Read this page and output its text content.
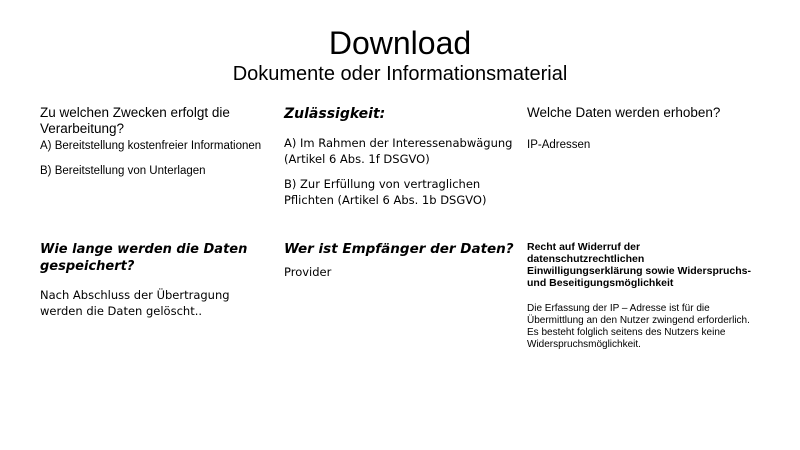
Download
Dokumente oder Informationsmaterial

Zu welchen Zwecken erfolgt die Verarbeitung?

A) Bereitstellung kostenfreier Informationen

B) Bereitstellung von Unterlagen

Zulässigkeit:

A) Im Rahmen der Interessenabwägung (Artikel 6 Abs. 1f DSGVO)

B) Zur Erfüllung von vertraglichen Pflichten (Artikel 6 Abs. 1b DSGVO)

Welche Daten werden erhoben?

IP-Adressen

Wie lange werden die Daten gespeichert?

Nach Abschluss der Übertragung werden die Daten gelöscht..

Wer ist Empfänger der Daten?

Provider

Recht auf Widerruf der datenschutzrechtlichen Einwilligungserklärung sowie Widerspruchs- und Beseitigungsmöglichkeit

Die Erfassung der IP – Adresse ist für die Übermittlung an den Nutzer zwingend erforderlich. Es besteht folglich seitens des Nutzers keine Widerspruchsmöglichkeit.
